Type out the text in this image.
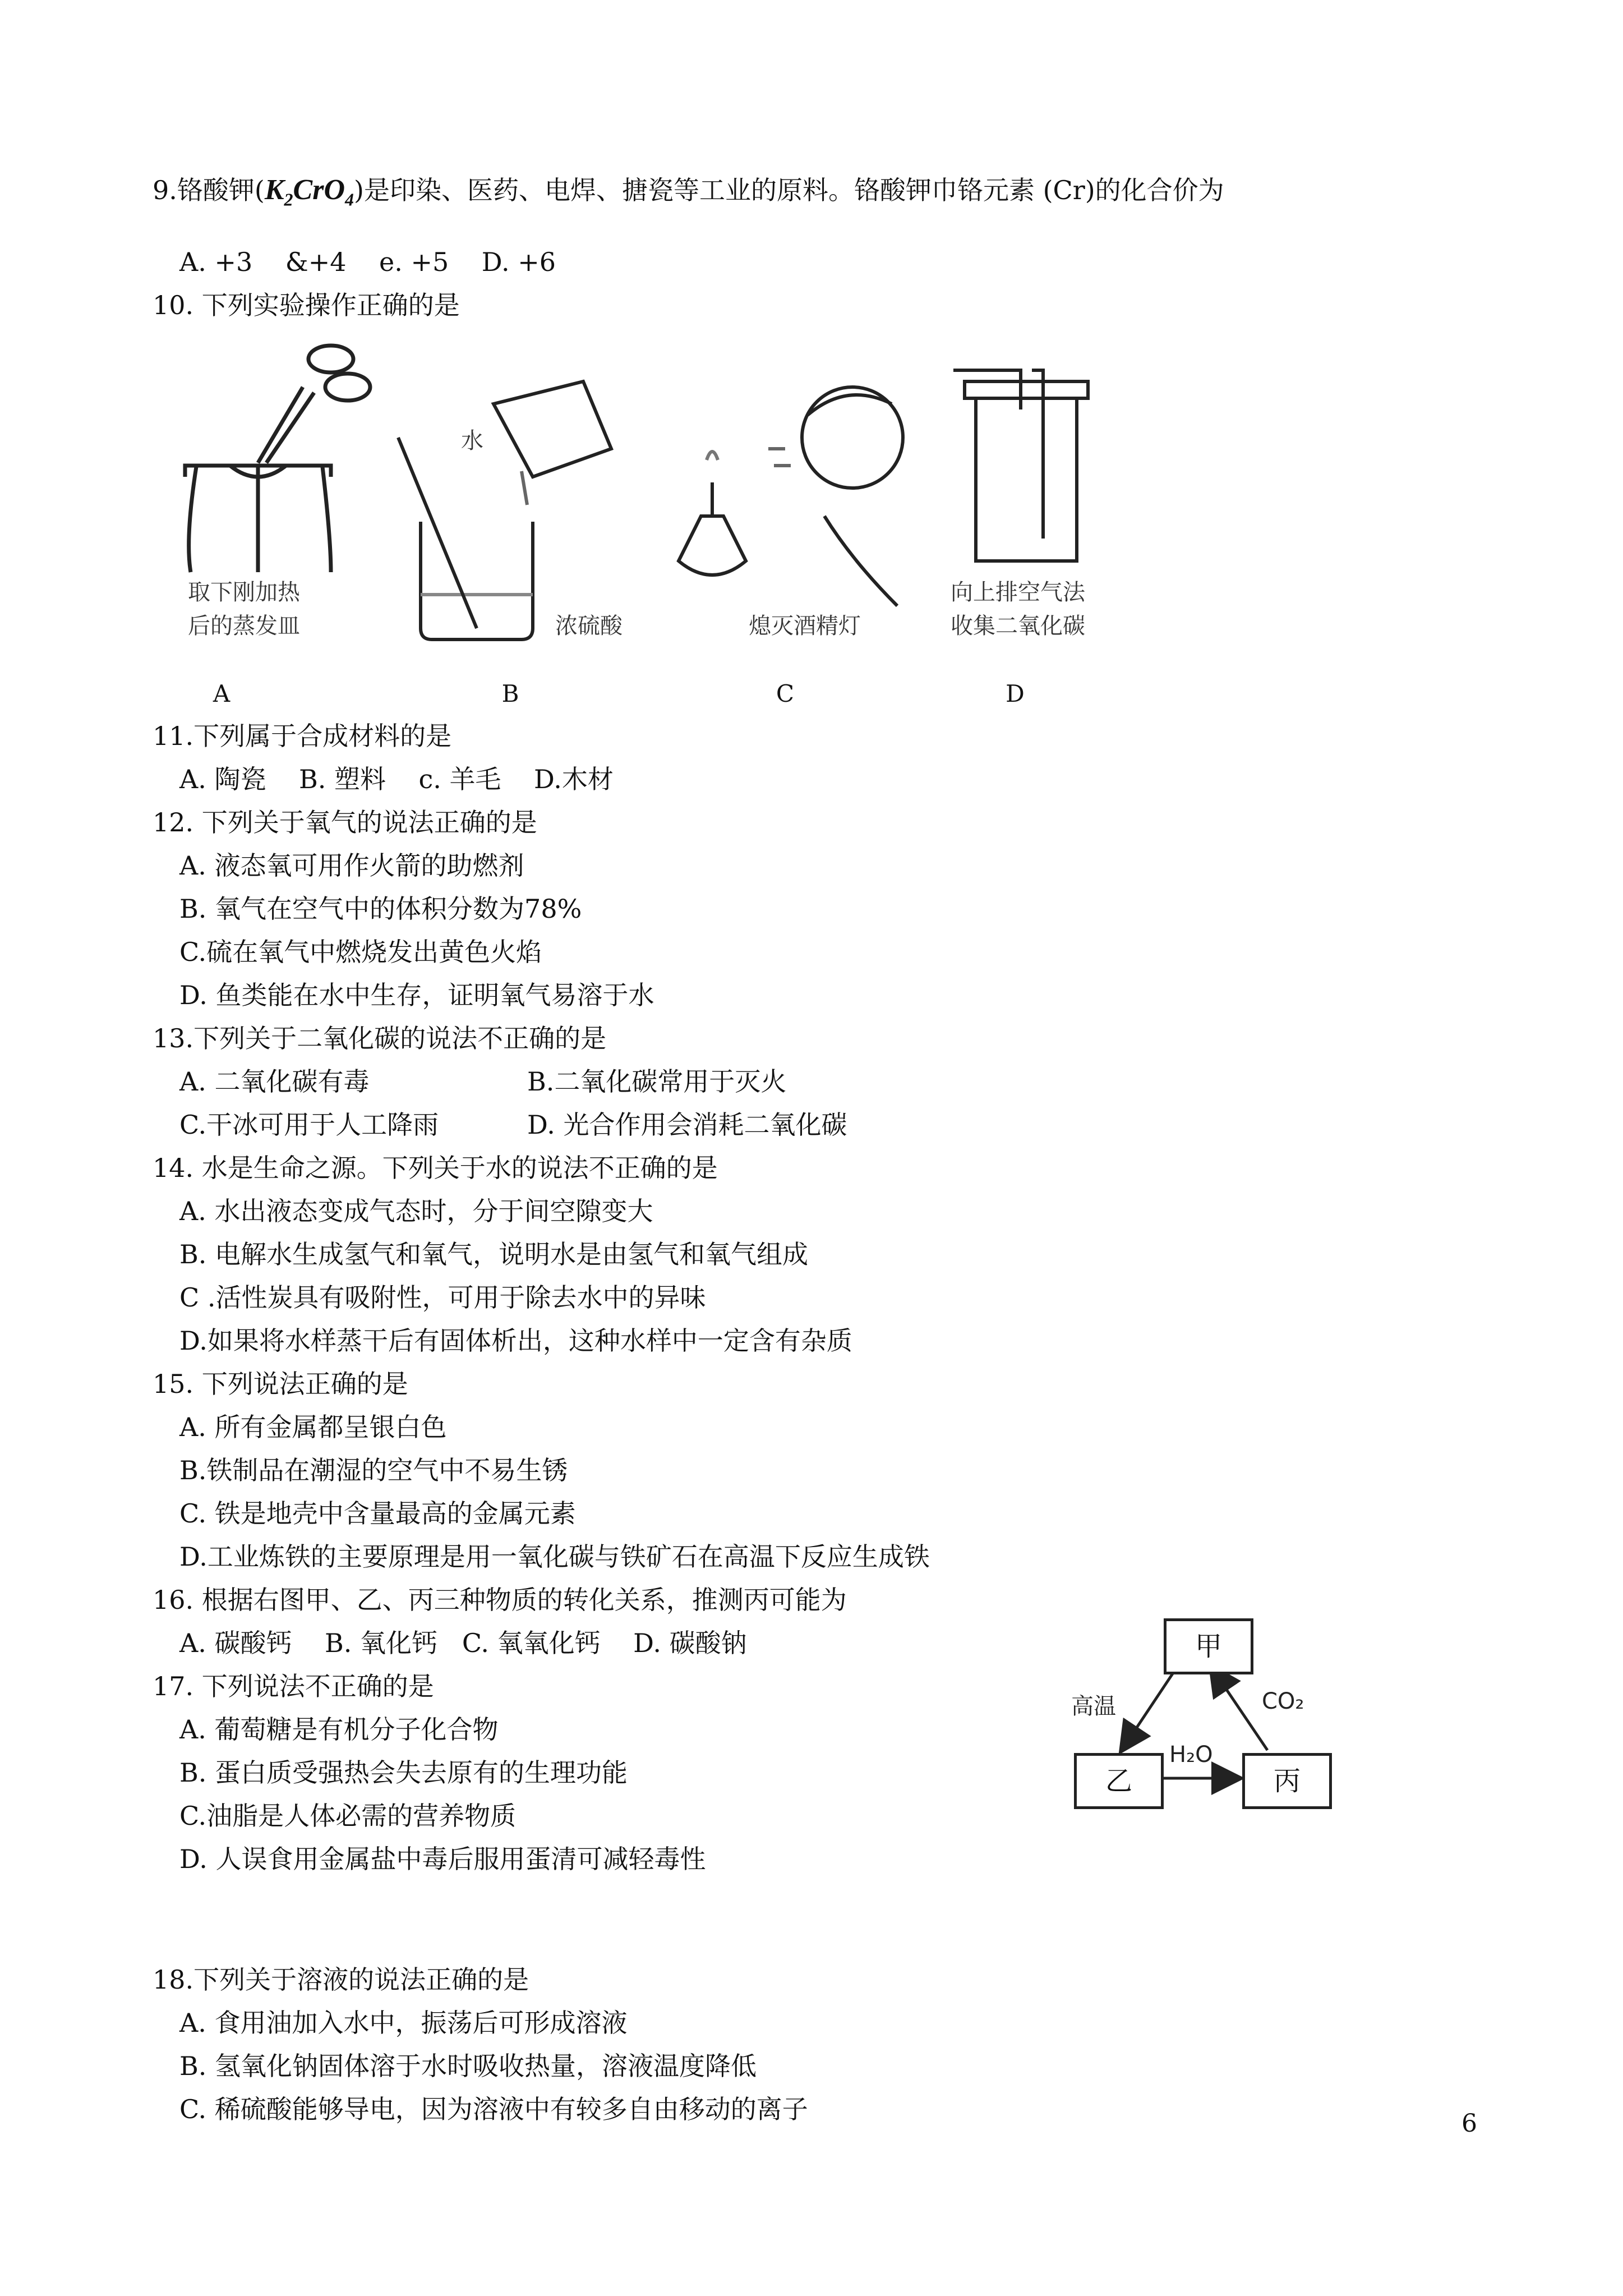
9.铬酸钾$(K_2CrO_4)$是印染、医药、电焊、搪瓷等工业的原料。铬酸钾巾铬元素 (Cr)的化合价为
A. +3    &+4    e. +5    D. +6
10. 下列实验操作正确的是
取下刚加热
后的蒸发皿
水
浓硫酸	熄灭酒精灯
向上排空气法
收集二氧化碳
A	B	C	D
11.下列属于合成材料的是
A. 陶瓷    B. 塑料    c. 羊毛    D.木材
12. 下列关于氧气的说法正确的是
A. 液态氧可用作火箭的助燃剂
B. 氧气在空气中的体积分数为78%
C.硫在氧气中燃烧发出黄色火焰
D. 鱼类能在水中生存，证明氧气易溶于水
13.下列关于二氧化碳的说法不正确的是
A. 二氧化碳有毒	B.二氧化碳常用于灭火
C.干冰可用于人工降雨	D. 光合作用会消耗二氧化碳
14. 水是生命之源。下列关于水的说法不正确的是
A. 水出液态变成气态时，分于间空隙变大
B. 电解水生成氢气和氧气，说明水是由氢气和氧气组成
C .活性炭具有吸附性，可用于除去水中的异味
D.如果将水样蒸干后有固体析出，这种水样中一定含有杂质
15. 下列说法正确的是
A. 所有金属都呈银白色
B.铁制品在潮湿的空气中不易生锈
C. 铁是地壳中含量最高的金属元素
D.工业炼铁的主要原理是用一氧化碳与铁矿石在高温下反应生成铁
16. 根据右图甲、乙、丙三种物质的转化关系，推测丙可能为
A. 碳酸钙    B. 氧化钙   C. 氧氧化钙    D. 碳酸钠	甲
乙	丙
高温
H₂O
CO₂
17. 下列说法不正确的是
A. 葡萄糖是有机分子化合物
B. 蛋白质受强热会失去原有的生理功能
C.油脂是人体必需的营养物质
D. 人误食用金属盐中毒后服用蛋清可减轻毒性
18.下列关于溶液的说法正确的是
A. 食用油加入水中，振荡后可形成溶液
B. 氢氧化钠固体溶于水时吸收热量，溶液温度降低
C. 稀硫酸能够导电，因为溶液中有较多自由移动的离子	6
